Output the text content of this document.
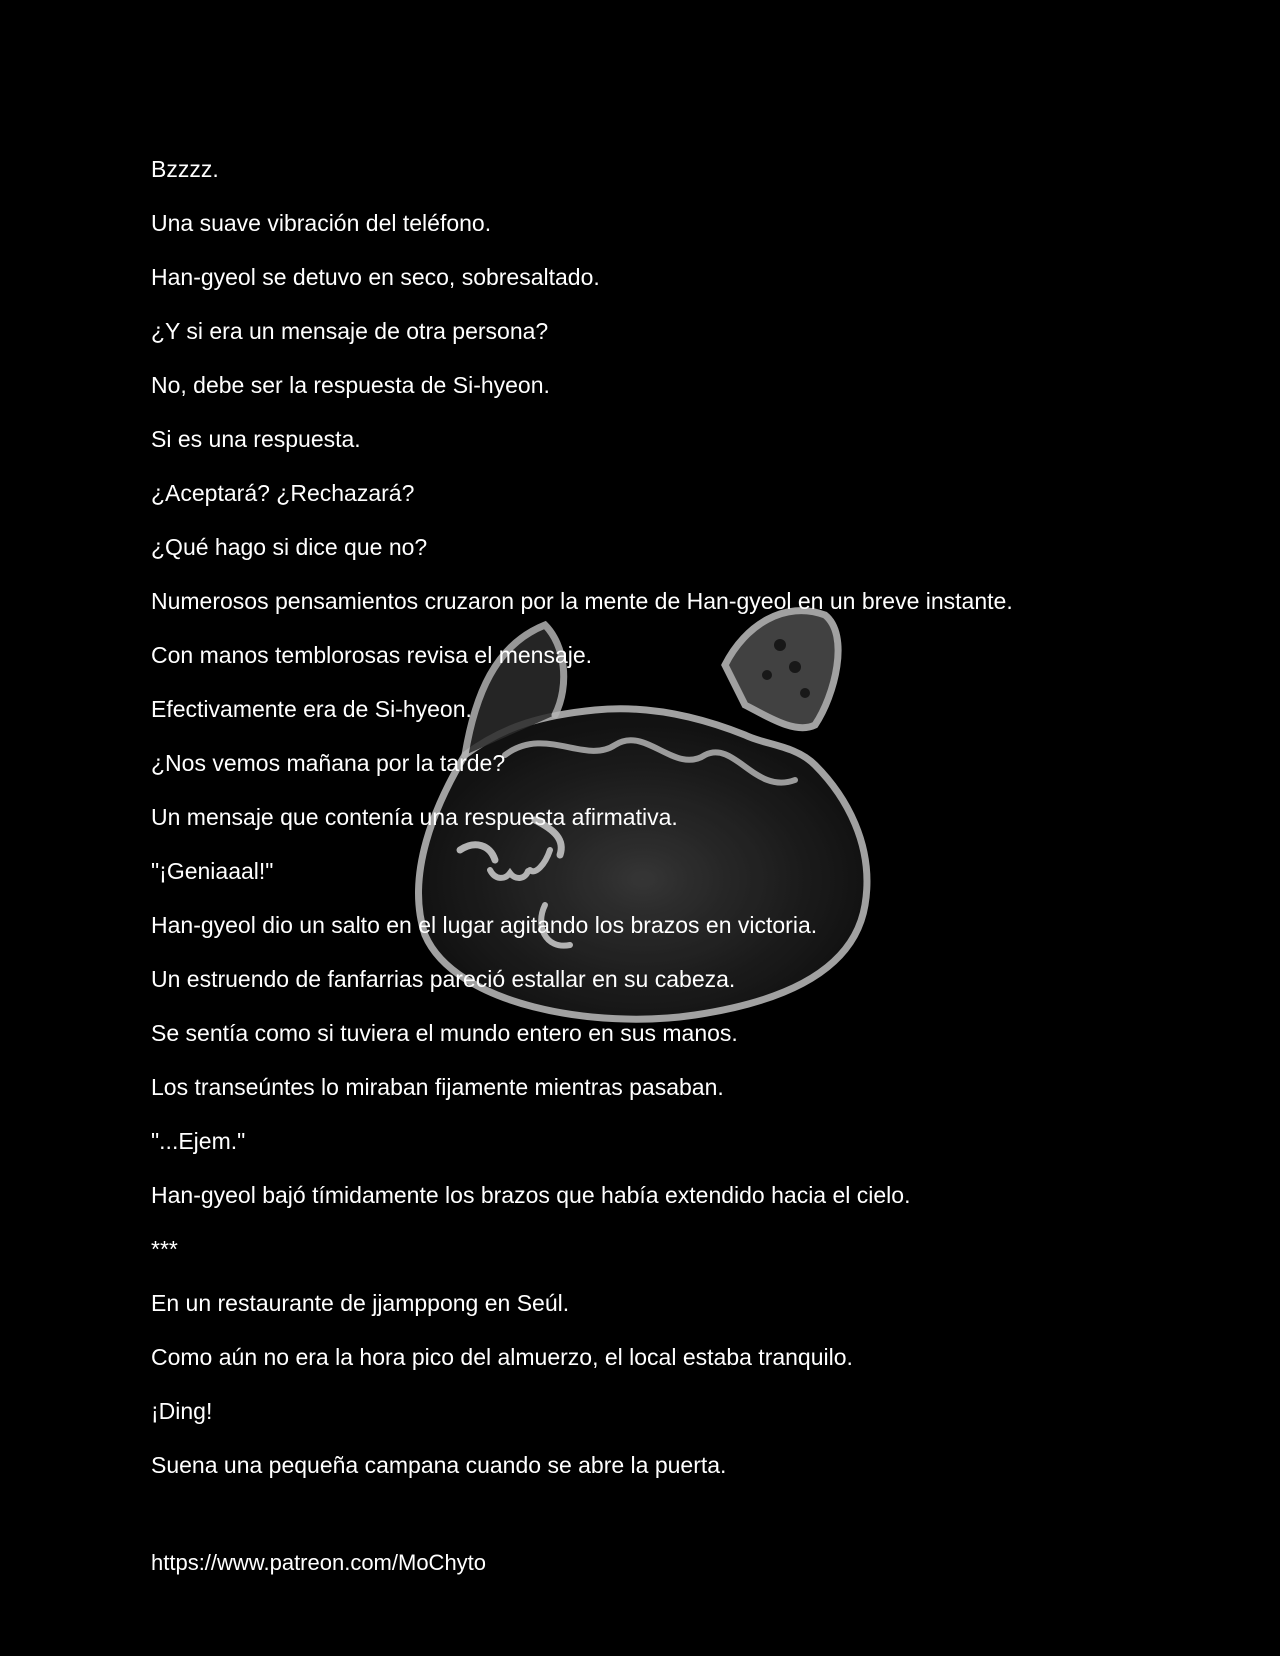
Bzzzz.
Una suave vibración del teléfono.
Han-gyeol se detuvo en seco, sobresaltado.
¿Y si era un mensaje de otra persona?
No, debe ser la respuesta de Si-hyeon.
Si es una respuesta.
¿Aceptará? ¿Rechazará?
¿Qué hago si dice que no?
Numerosos pensamientos cruzaron por la mente de Han-gyeol en un breve instante.
Con manos temblorosas revisa el mensaje.
Efectivamente era de Si-hyeon.
¿Nos vemos mañana por la tarde?
Un mensaje que contenía una respuesta afirmativa.
"¡Geniaaal!"
Han-gyeol dio un salto en el lugar agitando los brazos en victoria.
Un estruendo de fanfarrias pareció estallar en su cabeza.
Se sentía como si tuviera el mundo entero en sus manos.
Los transeúntes lo miraban fijamente mientras pasaban.
"...Ejem."
Han-gyeol bajó tímidamente los brazos que había extendido hacia el cielo.
***
En un restaurante de jjamppong en Seúl.
Como aún no era la hora pico del almuerzo, el local estaba tranquilo.
¡Ding!
Suena una pequeña campana cuando se abre la puerta.
https://www.patreon.com/MoChyto
